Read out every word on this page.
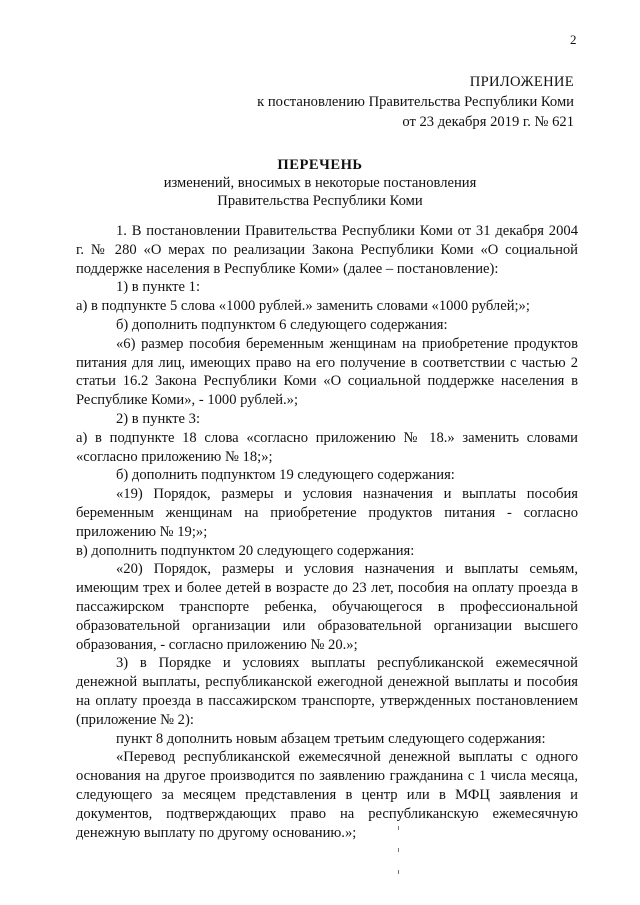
2
ПРИЛОЖЕНИЕ
к постановлению Правительства Республики Коми
от 23 декабря 2019 г. № 621
ПЕРЕЧЕНЬ
изменений, вносимых в некоторые постановления
Правительства Республики Коми

1. В постановлении Правительства Республики Коми от 31 декабря 2004 г. № 280 «О мерах по реализации Закона Республики Коми «О социальной поддержке населения в Республике Коми» (далее – постановление):

1) в пункте 1:

а) в подпункте 5 слова «1000 рублей.» заменить словами «1000 рублей;»;

б) дополнить подпунктом 6 следующего содержания:

«6) размер пособия беременным женщинам на приобретение продуктов питания для лиц, имеющих право на его получение в соответствии с частью 2 статьи 16.2 Закона Республики Коми «О социальной поддержке населения в Республике Коми», - 1000 рублей.»;

2) в пункте 3:

а) в подпункте 18 слова «согласно приложению № 18.» заменить словами «согласно приложению № 18;»;

б) дополнить подпунктом 19 следующего содержания:

«19) Порядок, размеры и условия назначения и выплаты пособия беременным женщинам на приобретение продуктов питания - согласно приложению № 19;»;

в) дополнить подпунктом 20 следующего содержания:

«20) Порядок, размеры и условия назначения и выплаты семьям, имеющим трех и более детей в возрасте до 23 лет, пособия на оплату проезда в пассажирском транспорте ребенка, обучающегося в профессиональной образовательной организации или образовательной организации высшего образования, - согласно приложению № 20.»;

3) в Порядке и условиях выплаты республиканской ежемесячной денежной выплаты, республиканской ежегодной денежной выплаты и пособия на оплату проезда в пассажирском транспорте, утвержденных постановлением (приложение № 2):

пункт 8 дополнить новым абзацем третьим следующего содержания:

«Перевод республиканской ежемесячной денежной выплаты с одного основания на другое производится по заявлению гражданина с 1 числа месяца, следующего за месяцем представления в центр или в МФЦ заявления и документов, подтверждающих право на республиканскую ежемесячную денежную выплату по другому основанию.»;
